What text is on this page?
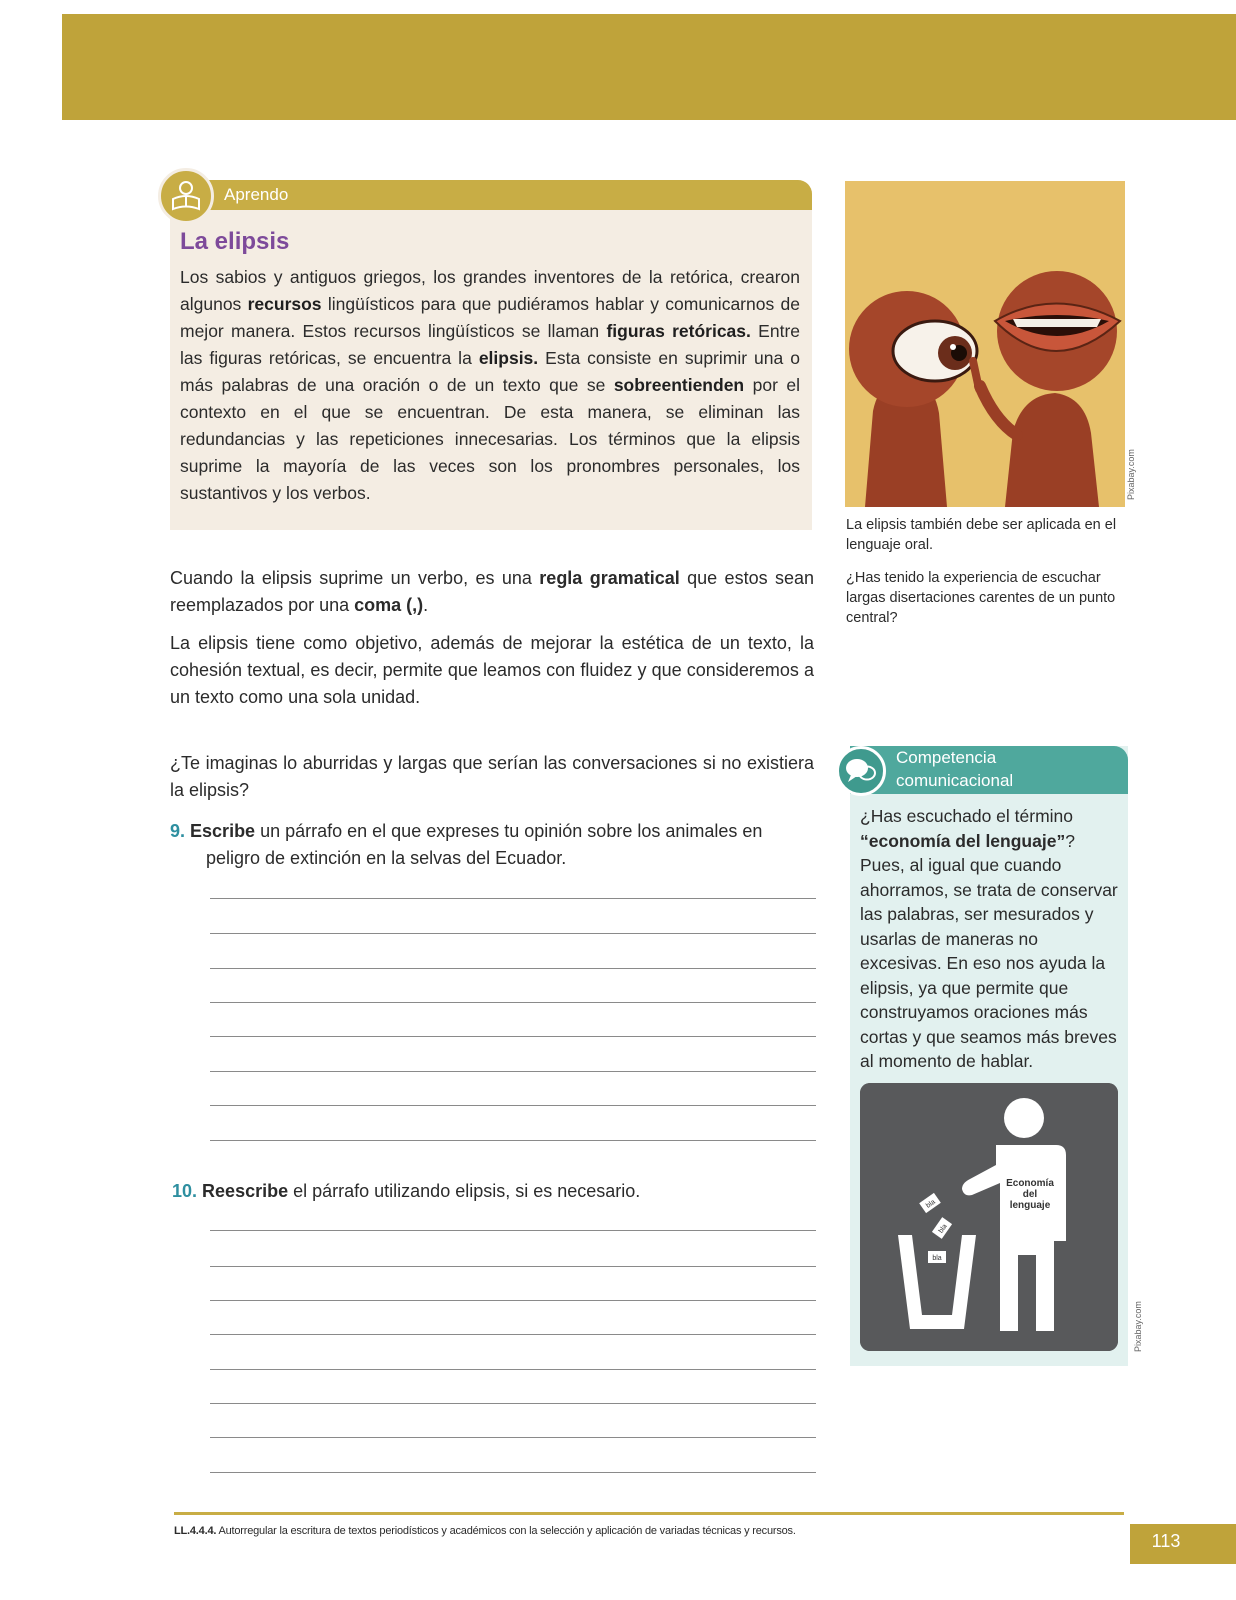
Aprendo
La elipsis
Los sabios y antiguos griegos, los grandes inventores de la retórica, crearon algunos recursos lingüísticos para que pudiéramos hablar y comunicarnos de mejor manera. Estos recursos lingüísticos se llaman figuras retóricas. Entre las figuras retóricas, se encuentra la elipsis. Esta consiste en suprimir una o más palabras de una oración o de un texto que se sobreentienden por el contexto en el que se encuentran. De esta manera, se eliminan las redundancias y las repeticiones innecesarias. Los términos que la elipsis suprime la mayoría de las veces son los pronombres personales, los sustantivos y los verbos.
Cuando la elipsis suprime un verbo, es una regla gramatical que estos sean reemplazados por una coma (,).
La elipsis tiene como objetivo, además de mejorar la estética de un texto, la cohesión textual, es decir, permite que leamos con fluidez y que consideremos a un texto como una sola unidad.
¿Te imaginas lo aburridas y largas que serían las conversaciones si no existiera la elipsis?
9. Escribe un párrafo en el que expreses tu opinión sobre los animales en
peligro de extinción en la selvas del Ecuador.
10. Reescribe el párrafo utilizando elipsis, si es necesario.
Pixabay.com
La elipsis también debe ser aplicada en el lenguaje oral.
¿Has tenido la experiencia de escuchar largas disertaciones carentes de un punto central?
Competencia
comunicacional
¿Has escuchado el término “economía del lenguaje”? Pues, al igual que cuando ahorramos, se trata de conservar las palabras, ser mesurados y usarlas de maneras no excesivas. En eso nos ayuda la elipsis, ya que permite que construyamos oraciones más cortas y que seamos más breves al momento de hablar.
Economía
del
lenguaje
bla
bla
bla
Pixabay.com
LL.4.4.4. Autorregular la escritura de textos periodísticos y académicos con la selección y aplicación de variadas técnicas y recursos.	113
